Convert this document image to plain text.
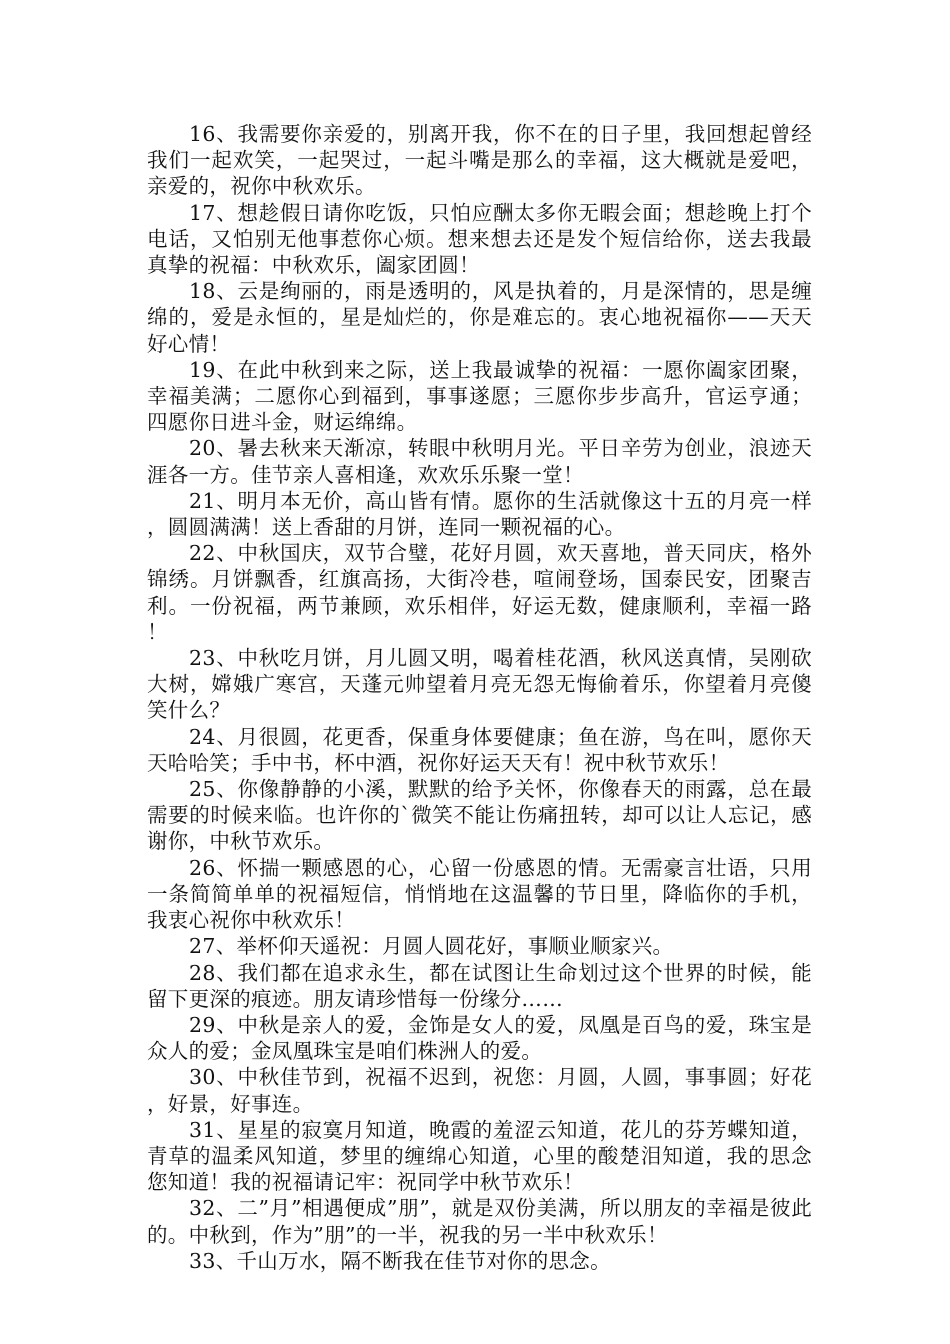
16、我需要你亲爱的，别离开我，你不在的日子里，我回想起曾经我们一起欢笑，一起哭过，一起斗嘴是那么的幸福，这大概就是爱吧，亲爱的，祝你中秋欢乐。

17、想趁假日请你吃饭，只怕应酬太多你无暇会面；想趁晚上打个电话，又怕别无他事惹你心烦。想来想去还是发个短信给你，送去我最真挚的祝福：中秋欢乐，阖家团圆！

18、云是绚丽的，雨是透明的，风是执着的，月是深情的，思是缠绵的，爱是永恒的，星是灿烂的，你是难忘的。衷心地祝福你——天天好心情！

19、在此中秋到来之际，送上我最诚挚的祝福：一愿你阖家团聚，幸福美满；二愿你心到福到，事事遂愿；三愿你步步高升，官运亨通；四愿你日进斗金，财运绵绵。

20、暑去秋来天渐凉，转眼中秋明月光。平日辛劳为创业，浪迹天涯各一方。佳节亲人喜相逢，欢欢乐乐聚一堂！

21、明月本无价，高山皆有情。愿你的生活就像这十五的月亮一样，圆圆满满！送上香甜的月饼，连同一颗祝福的心。

22、中秋国庆，双节合璧，花好月圆，欢天喜地，普天同庆，格外锦绣。月饼飘香，红旗高扬，大街冷巷，喧闹登场，国泰民安，团聚吉利。一份祝福，两节兼顾，欢乐相伴，好运无数，健康顺利，幸福一路！

23、中秋吃月饼，月儿圆又明，喝着桂花酒，秋风送真情，吴刚砍大树，嫦娥广寒宫，天蓬元帅望着月亮无怨无悔偷着乐，你望着月亮傻笑什么？

24、月很圆，花更香，保重身体要健康；鱼在游，鸟在叫，愿你天天哈哈笑；手中书，杯中酒，祝你好运天天有！祝中秋节欢乐！

25、你像静静的小溪，默默的给予关怀，你像春天的雨露，总在最需要的时候来临。也许你的`微笑不能让伤痛扭转，却可以让人忘记，感谢你，中秋节欢乐。

26、怀揣一颗感恩的心，心留一份感恩的情。无需豪言壮语，只用一条简简单单的祝福短信，悄悄地在这温馨的节日里，降临你的手机，我衷心祝你中秋欢乐！

27、举杯仰天遥祝：月圆人圆花好，事顺业顺家兴。

28、我们都在追求永生，都在试图让生命划过这个世界的时候，能留下更深的痕迹。朋友请珍惜每一份缘分……

29、中秋是亲人的爱，金饰是女人的爱，凤凰是百鸟的爱，珠宝是众人的爱；金凤凰珠宝是咱们株洲人的爱。

30、中秋佳节到，祝福不迟到，祝您：月圆，人圆，事事圆；好花，好景，好事连。

31、星星的寂寞月知道，晚霞的羞涩云知道，花儿的芬芳蝶知道，青草的温柔风知道，梦里的缠绵心知道，心里的酸楚泪知道，我的思念您知道！我的祝福请记牢：祝同学中秋节欢乐！

32、二”月”相遇便成”朋”，就是双份美满，所以朋友的幸福是彼此的。中秋到，作为”朋”的一半，祝我的另一半中秋欢乐！

33、千山万水，隔不断我在佳节对你的思念。
